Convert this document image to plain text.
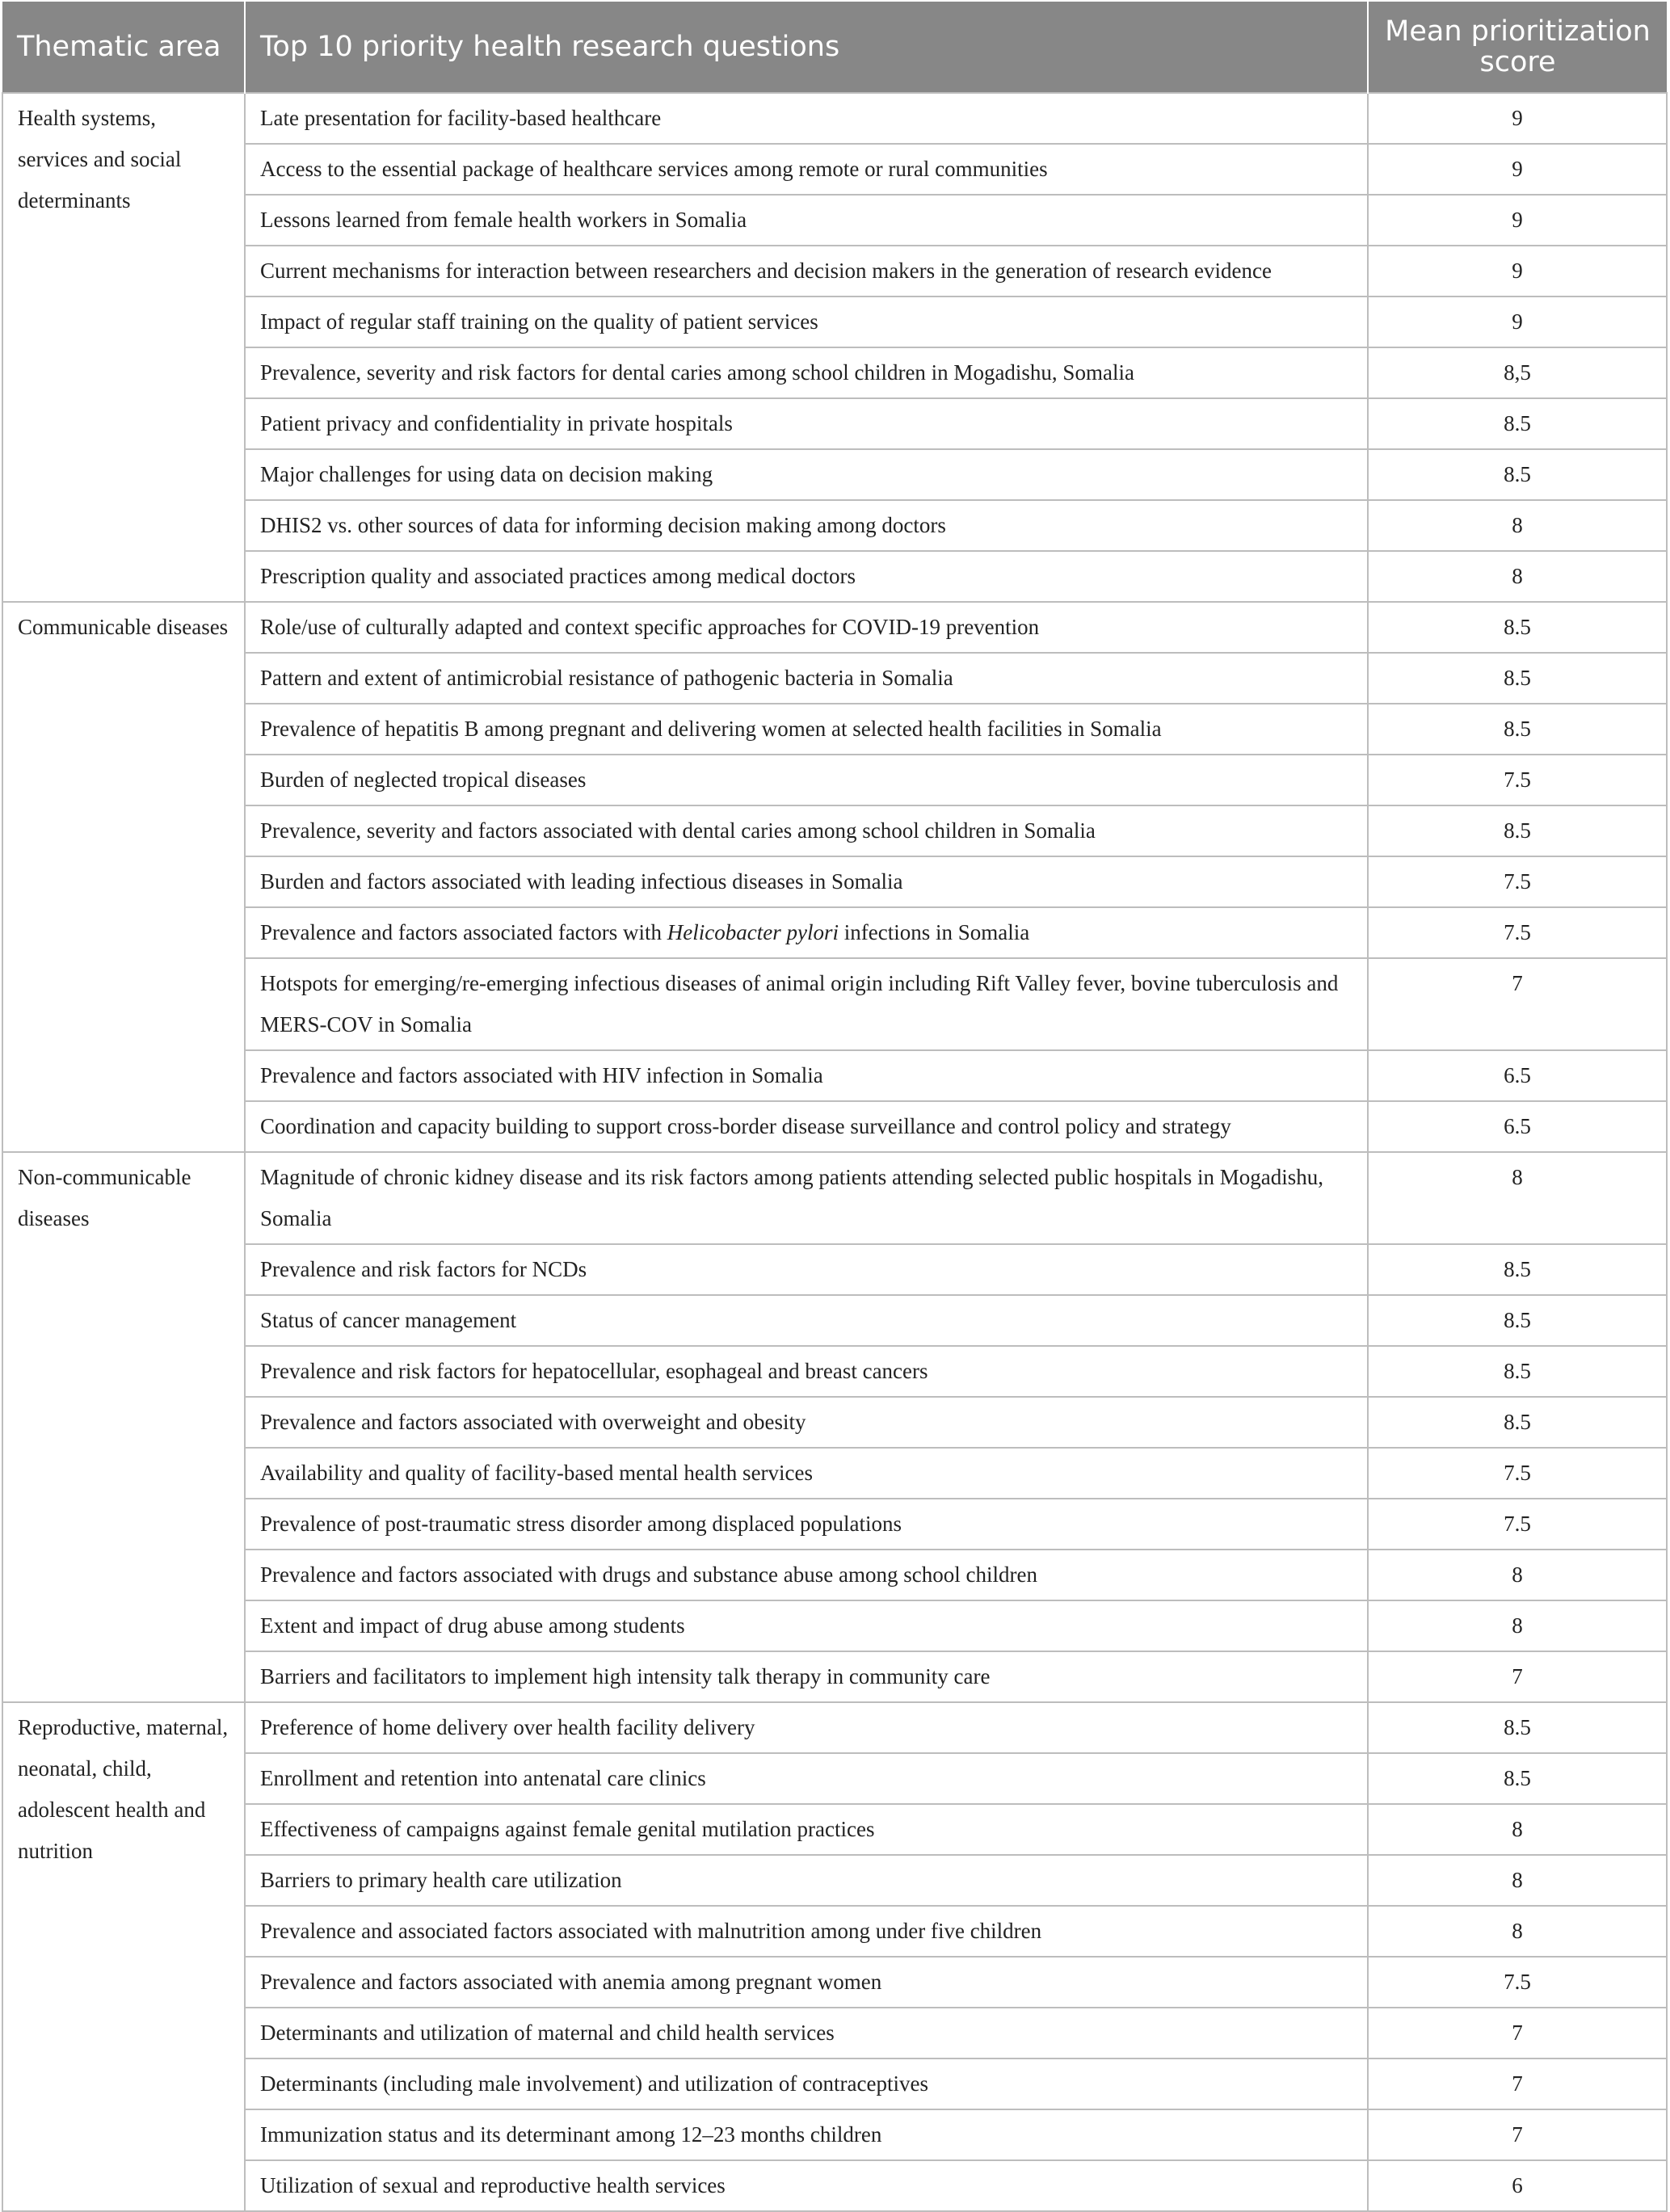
Thematic area	Top 10 priority health research questions	Mean prioritization score
Health systems, services and social determinants	Late presentation for facility-based healthcare	9
	Access to the essential package of healthcare services among remote or rural communities	9
	Lessons learned from female health workers in Somalia	9
	Current mechanisms for interaction between researchers and decision makers in the generation of research evidence	9
	Impact of regular staff training on the quality of patient services	9
	Prevalence, severity and risk factors for dental caries among school children in Mogadishu, Somalia	8,5
	Patient privacy and confidentiality in private hospitals	8.5
	Major challenges for using data on decision making	8.5
	DHIS2 vs. other sources of data for informing decision making among doctors	8
	Prescription quality and associated practices among medical doctors	8
Communicable diseases	Role/use of culturally adapted and context specific approaches for COVID-19 prevention	8.5
	Pattern and extent of antimicrobial resistance of pathogenic bacteria in Somalia	8.5
	Prevalence of hepatitis B among pregnant and delivering women at selected health facilities in Somalia	8.5
	Burden of neglected tropical diseases	7.5
	Prevalence, severity and factors associated with dental caries among school children in Somalia	8.5
	Burden and factors associated with leading infectious diseases in Somalia	7.5
	Prevalence and factors associated factors with Helicobacter pylori infections in Somalia	7.5
	Hotspots for emerging/re-emerging infectious diseases of animal origin including Rift Valley fever, bovine tuberculosis and MERS-COV in Somalia	7
	Prevalence and factors associated with HIV infection in Somalia	6.5
	Coordination and capacity building to support cross-border disease surveillance and control policy and strategy	6.5
Non-communicable diseases	Magnitude of chronic kidney disease and its risk factors among patients attending selected public hospitals in Mogadishu, Somalia	8
	Prevalence and risk factors for NCDs	8.5
	Status of cancer management	8.5
	Prevalence and risk factors for hepatocellular, esophageal and breast cancers	8.5
	Prevalence and factors associated with overweight and obesity	8.5
	Availability and quality of facility-based mental health services	7.5
	Prevalence of post-traumatic stress disorder among displaced populations	7.5
	Prevalence and factors associated with drugs and substance abuse among school children	8
	Extent and impact of drug abuse among students	8
	Barriers and facilitators to implement high intensity talk therapy in community care	7
Reproductive, maternal, neonatal, child, adolescent health and nutrition	Preference of home delivery over health facility delivery	8.5
	Enrollment and retention into antenatal care clinics	8.5
	Effectiveness of campaigns against female genital mutilation practices	8
	Barriers to primary health care utilization	8
	Prevalence and associated factors associated with malnutrition among under five children	8
	Prevalence and factors associated with anemia among pregnant women	7.5
	Determinants and utilization of maternal and child health services	7
	Determinants (including male involvement) and utilization of contraceptives	7
	Immunization status and its determinant among 12–23 months children	7
	Utilization of sexual and reproductive health services	6
